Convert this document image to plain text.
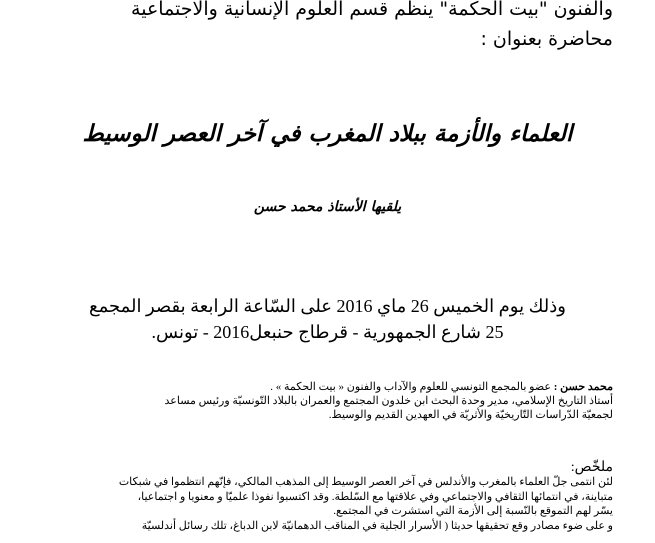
والفنون "بيت الحكمة" ينظم قسم العلوم الإنسانية والاجتماعية
محاضرة بعنوان :
العلماء والأزمة ببلاد المغرب في آخر العصر الوسيط
يلقيها الأستاذ محمد حسن
وذلك يوم الخميس 26 ماي 2016 على السّاعة الرابعة بقصر المجمع
25 شارع الجمهورية - قرطاج حنبعل2016 - تونس.
محمد حسن : عضو بالمجمع التونسي للعلوم والآداب والفنون « بيت الحكمة » .
أستاذ التاريخ الإسلامي، مدير وحدة البحث ابن خلدون المجتمع والعمران بالبلاد التّونسيّة ورئيس مساعد
لجمعيّة الدّراسات التّاريخيّة والأثريّة في العهدين القديم والوسيط.
ملخّص:

لئن انتمى جلّ العلماء بالمغرب والأندلس في آخر العصر الوسيط إلى المذهب المالكي، فإنّهم انتظموا في شبكات

متباينة، في انتمائها الثقافي والاجتماعي وفي علاقتها مع السّلطة. وقد اكتسبوا نفوذا علميّا و معنويا و اجتماعيا،

يسّر لهم التموقع بالنّسبة إلى الأزمة التي استشرت في المجتمع.

و على ضوء مصادر وقع تحقيقها حديثا ( الأسرار الجلية في المناقب الدهمانيّة لابن الدباغ، تلك رسائل أندلسيّة
